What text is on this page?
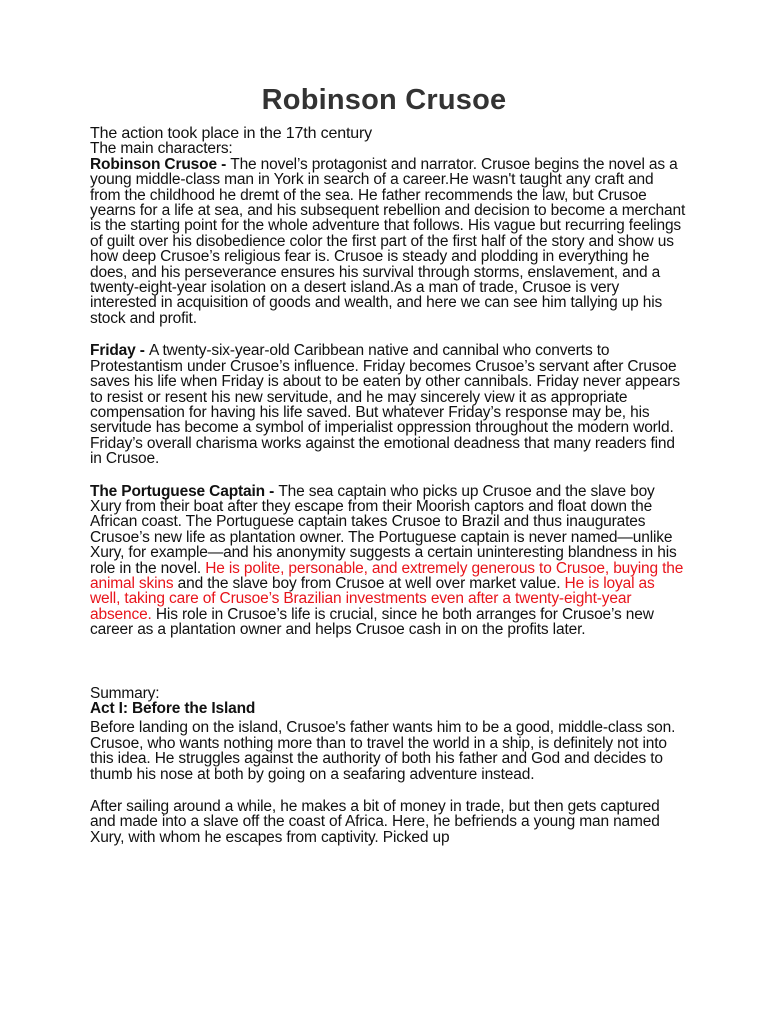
Robinson Crusoe
The action took place in the 17th century
The main characters:

Robinson Crusoe - The novel’s protagonist and narrator. Crusoe begins the novel as a young middle-class man in York in search of a career.He wasn't taught any craft and from the childhood he dremt of the sea. He father recommends the law, but Crusoe yearns for a life at sea, and his subsequent rebellion and decision to become a merchant is the starting point for the whole adventure that follows. His vague but recurring feelings of guilt over his disobedience color the first part of the first half of the story and show us how deep Crusoe’s religious fear is. Crusoe is steady and plodding in everything he does, and his perseverance ensures his survival through storms, enslavement, and a twenty-eight-year isolation on a desert island.As a man of trade, Crusoe is very interested in acquisition of goods and wealth, and here we can see him tallying up his stock and profit.

Friday - A twenty-six-year-old Caribbean native and cannibal who converts to Protestantism under Crusoe’s influence. Friday becomes Crusoe’s servant after Crusoe saves his life when Friday is about to be eaten by other cannibals. Friday never appears to resist or resent his new servitude, and he may sincerely view it as appropriate compensation for having his life saved. But whatever Friday’s response may be, his servitude has become a symbol of imperialist oppression throughout the modern world. Friday’s overall charisma works against the emotional deadness that many readers find in Crusoe.

The Portuguese Captain - The sea captain who picks up Crusoe and the slave boy Xury from their boat after they escape from their Moorish captors and float down the African coast. The Portuguese captain takes Crusoe to Brazil and thus inaugurates Crusoe’s new life as plantation owner. The Portuguese captain is never named—unlike Xury, for example—and his anonymity suggests a certain uninteresting blandness in his role in the novel. He is polite, personable, and extremely generous to Crusoe, buying the animal skins and the slave boy from Crusoe at well over market value. He is loyal as well, taking care of Crusoe’s Brazilian investments even after a twenty-eight-year absence. His role in Crusoe’s life is crucial, since he both arranges for Crusoe’s new career as a plantation owner and helps Crusoe cash in on the profits later.

Summary:
Act I: Before the Island

Before landing on the island, Crusoe's father wants him to be a good, middle-class son. Crusoe, who wants nothing more than to travel the world in a ship, is definitely not into this idea. He struggles against the authority of both his father and God and decides to thumb his nose at both by going on a seafaring adventure instead.

After sailing around a while, he makes a bit of money in trade, but then gets captured and made into a slave off the coast of Africa. Here, he befriends a young man named Xury, with whom he escapes from captivity. Picked up
